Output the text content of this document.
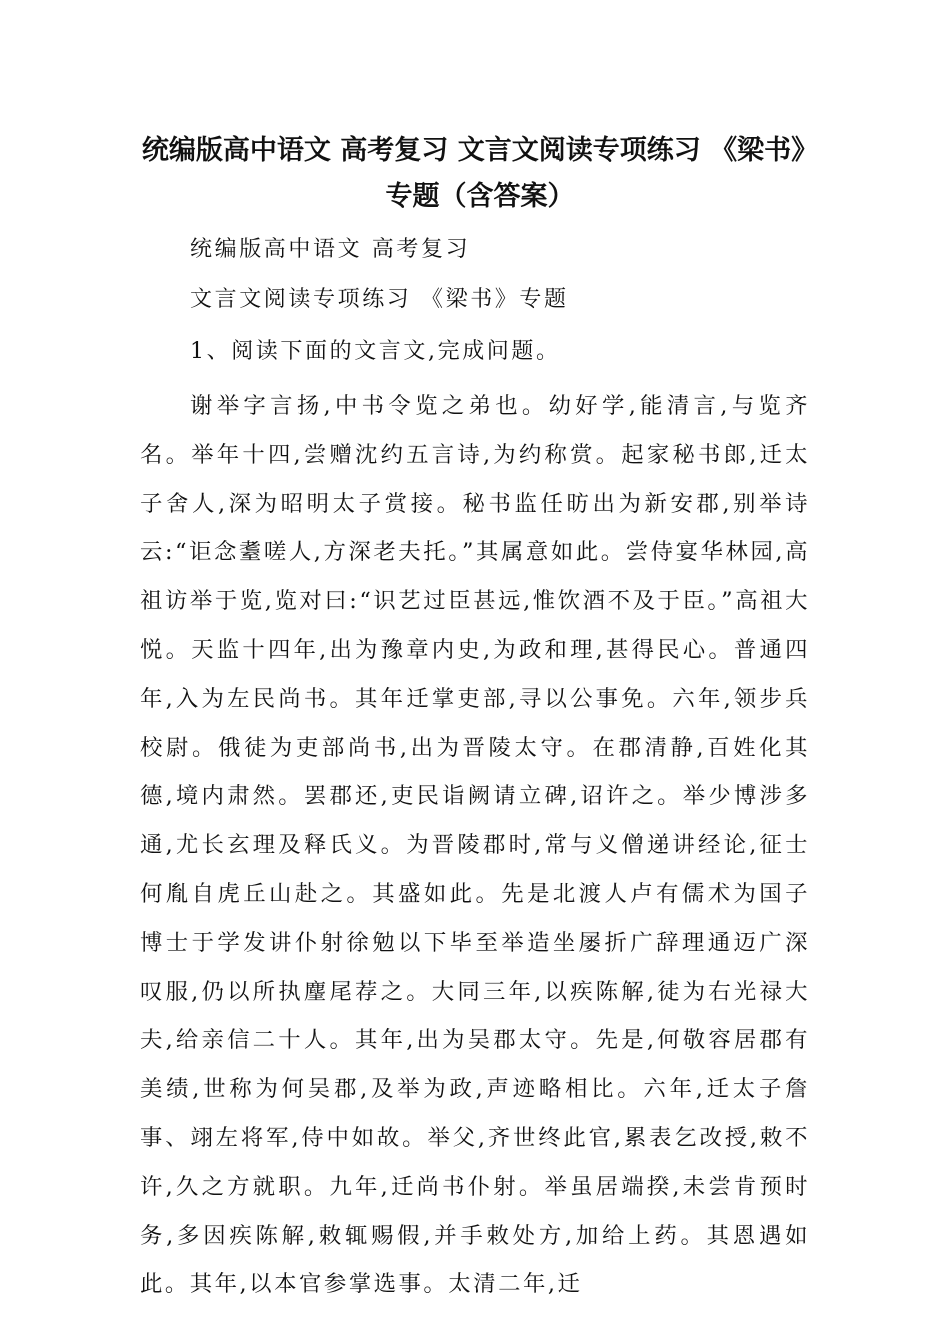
统编版高中语文 高考复习 文言文阅读专项练习 《梁书》专题（含答案）
统编版高中语文 高考复习
文言文阅读专项练习 《梁书》专题
1、阅读下面的文言文,完成问题。
谢举字言扬,中书令览之弟也。幼好学,能清言,与览齐名。举年十四,尝赠沈约五言诗,为约称赏。起家秘书郎,迁太子舍人,深为昭明太子赏接。秘书监任昉出为新安郡,别举诗云:“讵念耋嗟人,方深老夫托。”其属意如此。尝侍宴华林园,高祖访举于览,览对曰:“识艺过臣甚远,惟饮酒不及于臣。”高祖大悦。天监十四年,出为豫章内史,为政和理,甚得民心。普通四年,入为左民尚书。其年迁掌吏部,寻以公事免。六年,领步兵校尉。俄徒为吏部尚书,出为晋陵太守。在郡清静,百姓化其德,境内肃然。罢郡还,吏民诣阙请立碑,诏许之。举少博涉多通,尤长玄理及释氏义。为晋陵郡时,常与义僧递讲经论,征士何胤自虎丘山赴之。其盛如此。先是北渡人卢有儒术为国子博士于学发讲仆射徐勉以下毕至举造坐屡折广辞理通迈广深叹服,仍以所执麈尾荐之。大同三年,以疾陈解,徒为右光禄大夫,给亲信二十人。其年,出为吴郡太守。先是,何敬容居郡有美绩,世称为何吴郡,及举为政,声迹略相比。六年,迁太子詹事、翊左将军,侍中如故。举父,齐世终此官,累表乞改授,敕不许,久之方就职。九年,迁尚书仆射。举虽居端揆,未尝肯预时务,多因疾陈解,敕辄赐假,并手敕处方,加给上药。其恩遇如此。其年,以本官参掌选事。太清二年,迁
